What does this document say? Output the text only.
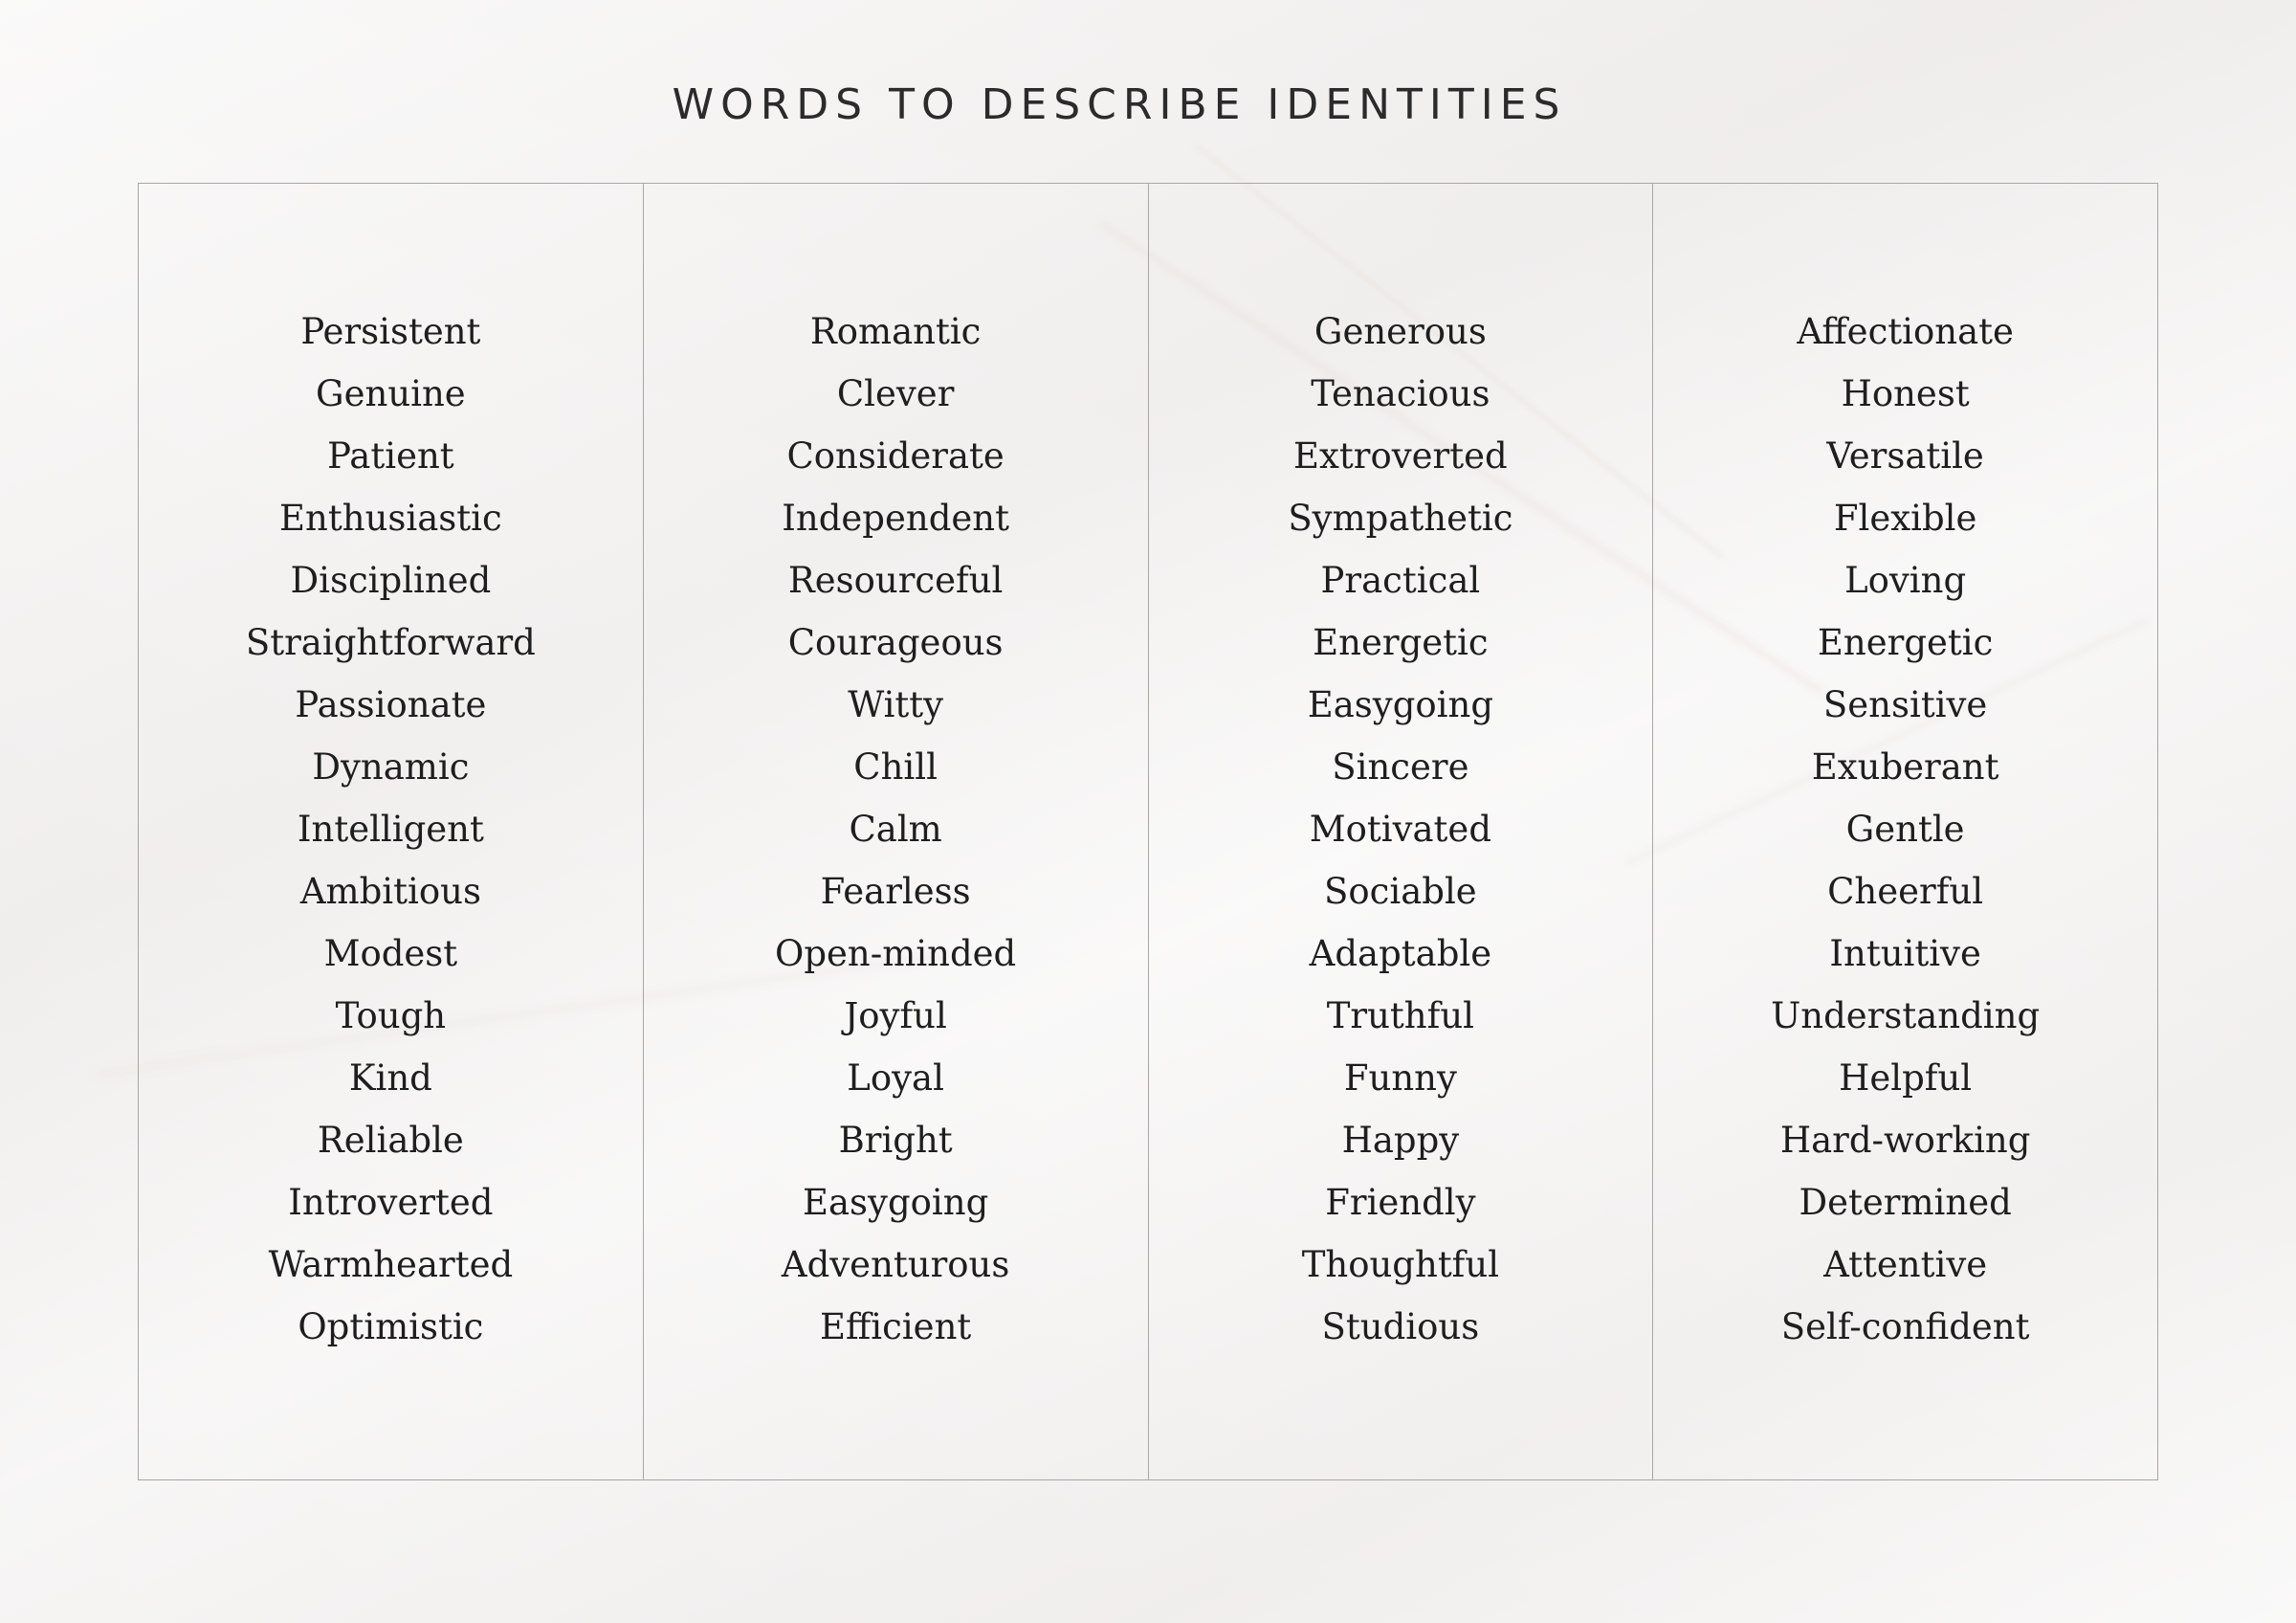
WORDS TO DESCRIBE IDENTITIES
Persistent
Genuine
Patient
Enthusiastic
Disciplined
Straightforward
Passionate
Dynamic
Intelligent
Ambitious
Modest
Tough
Kind
Reliable
Introverted
Warmhearted
Optimistic
Romantic
Clever
Considerate
Independent
Resourceful
Courageous
Witty
Chill
Calm
Fearless
Open-minded
Joyful
Loyal
Bright
Easygoing
Adventurous
Efficient
Generous
Tenacious
Extroverted
Sympathetic
Practical
Energetic
Easygoing
Sincere
Motivated
Sociable
Adaptable
Truthful
Funny
Happy
Friendly
Thoughtful
Studious
Affectionate
Honest
Versatile
Flexible
Loving
Energetic
Sensitive
Exuberant
Gentle
Cheerful
Intuitive
Understanding
Helpful
Hard-working
Determined
Attentive
Self-confident
